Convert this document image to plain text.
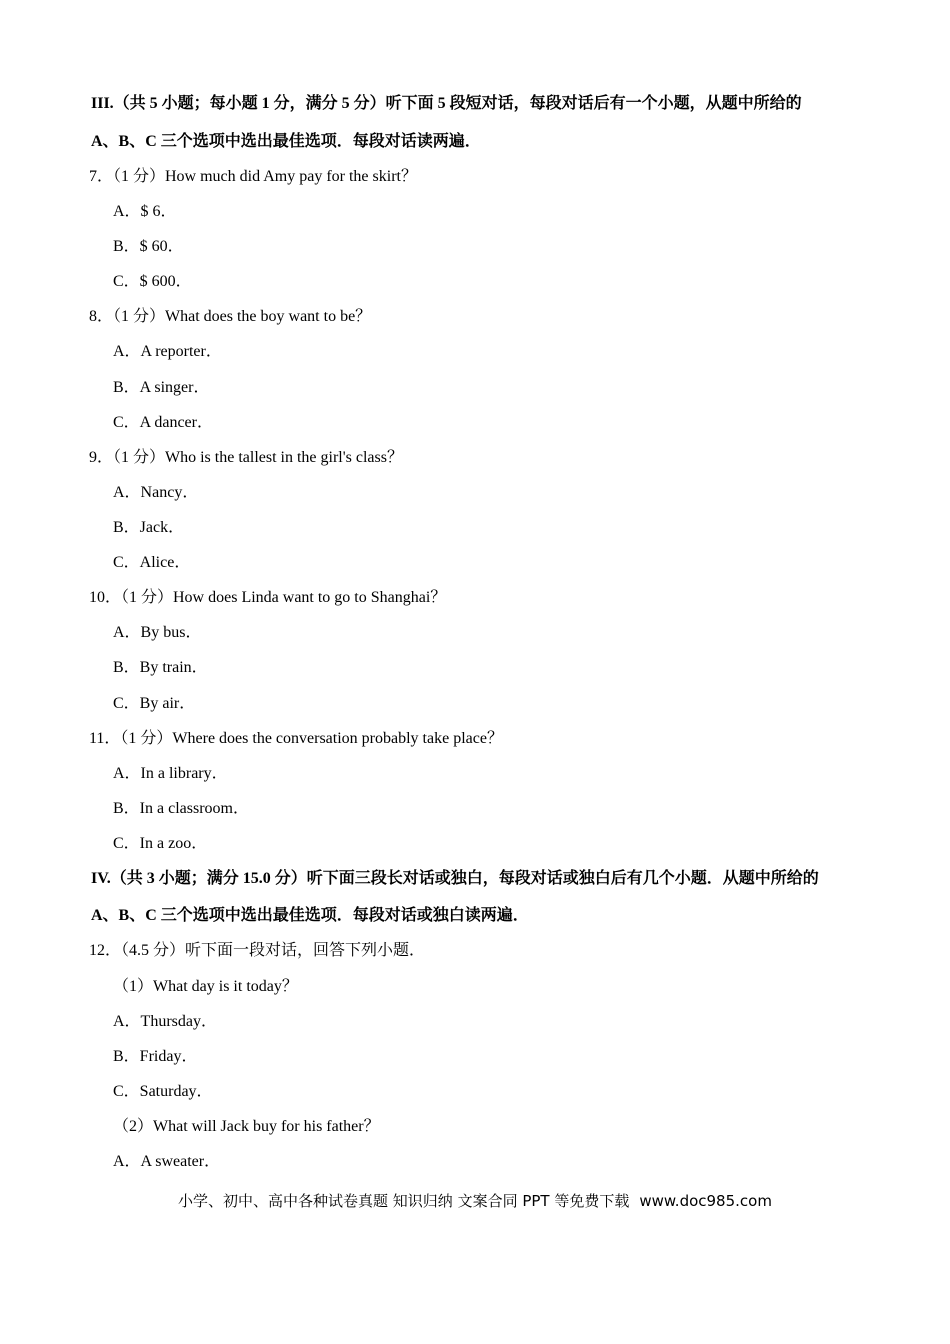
III.（共 5 小题；每小题 1 分，满分 5 分）听下面 5 段短对话，每段对话后有一个小题，从题中所给的
A、B、C 三个选项中选出最佳选项．每段对话读两遍．
7．（1 分）How much did Amy pay for the skirt？
A．$ 6．
B．$ 60．
C．$ 600．
8．（1 分）What does the boy want to be？
A．A reporter．
B．A singer．
C．A dancer．
9．（1 分）Who is the tallest in the girl's class？
A．Nancy．
B．Jack．
C．Alice．
10．（1 分）How does Linda want to go to Shanghai？
A．By bus．
B．By train．
C．By air．
11．（1 分）Where does the conversation probably take place？
A．In a library．
B．In a classroom．
C．In a zoo．
IV.（共 3 小题；满分 15.0 分）听下面三段长对话或独白，每段对话或独白后有几个小题．从题中所给的
A、B、C 三个选项中选出最佳选项．每段对话或独白读两遍．
12．（4.5 分）听下面一段对话，回答下列小题．
（1）What day is it today？
A．Thursday．
B．Friday．
C．Saturday．
（2）What will Jack buy for his father？
A．A sweater．
小学、初中、高中各种试卷真题 知识归纳 文案合同 PPT 等免费下载 www.doc985.com
